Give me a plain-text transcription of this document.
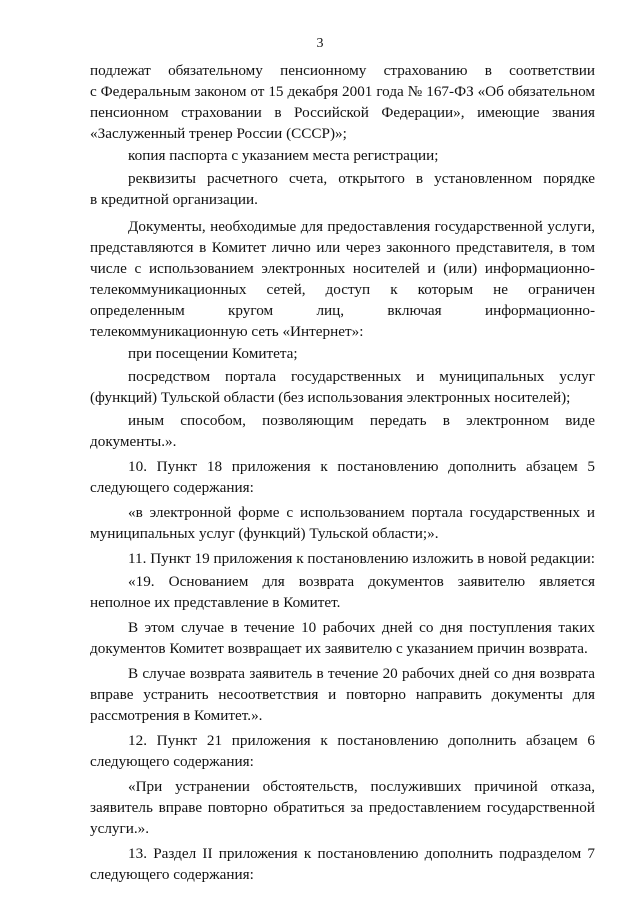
3
подлежат обязательному пенсионному страхованию в соответствии
с Федеральным законом от 15 декабря 2001 года № 167-ФЗ «Об обязательном
пенсионном страховании в Российской Федерации», имеющие звания
«Заслуженный тренер России (СССР)»;
копия паспорта с указанием места регистрации;
реквизиты расчетного счета, открытого в установленном порядке
в кредитной организации.
Документы, необходимые для предоставления государственной услуги,
представляются в Комитет лично или через законного представителя, в том
числе с использованием электронных носителей и (или) информационно-
телекоммуникационных сетей, доступ к которым не ограничен
определенным кругом лиц, включая информационно-
телекоммуникационную сеть «Интернет»:
при посещении Комитета;
посредством портала государственных и муниципальных услуг
(функций) Тульской области (без использования электронных носителей);
иным способом, позволяющим передать в электронном виде
документы.».
10. Пункт 18 приложения к постановлению дополнить абзацем 5
следующего содержания:
«в электронной форме с использованием портала государственных и
муниципальных услуг (функций) Тульской области;».
11. Пункт 19 приложения к постановлению изложить в новой редакции:
«19. Основанием для возврата документов заявителю является
неполное их представление в Комитет.
В этом случае в течение 10 рабочих дней со дня поступления таких
документов Комитет возвращает их заявителю с указанием причин возврата.
В случае возврата заявитель в течение 20 рабочих дней со дня возврата
вправе устранить несоответствия и повторно направить документы для
рассмотрения в Комитет.».
12. Пункт 21 приложения к постановлению дополнить абзацем 6
следующего содержания:
«При устранении обстоятельств, послуживших причиной отказа,
заявитель вправе повторно обратиться за предоставлением государственной
услуги.».
13. Раздел II приложения к постановлению дополнить подразделом 7
следующего содержания:
